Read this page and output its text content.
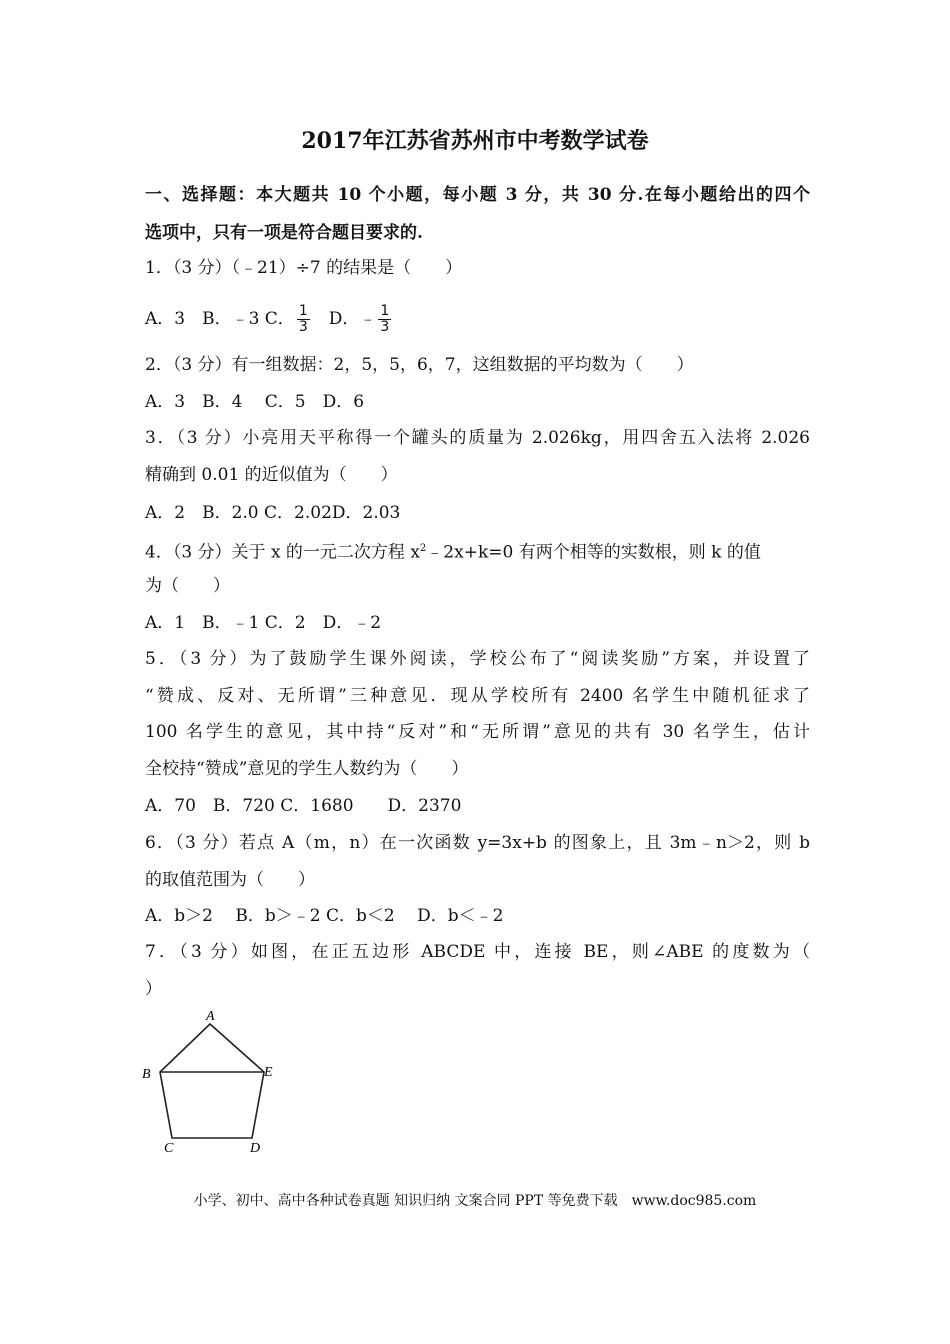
2017年江苏省苏州市中考数学试卷
一、选择题：本大题共 10 个小题，每小题 3 分，共 30 分.在每小题给出的四个
选项中，只有一项是符合题目要求的.
1．（3 分）（﹣21）÷7 的结果是（　　）
A．3　B．﹣3 C． $\frac{1}{3}$ 　D．﹣ $\frac{1}{3}$
2．（3 分）有一组数据：2，5，5，6，7，这组数据的平均数为（　　）
A．3　B．4　 C．5　D．6
3．（3 分）小亮用天平称得一个罐头的质量为 2.026kg，用四舍五入法将 2.026
精确到 0.01 的近似值为（　　）
A．2　B．2.0 C．2.02D．2.03
4．（3 分）关于 x 的一元二次方程 $x^2﹣2x+k=0$ 有两个相等的实数根，则 k 的值
为（　　）
A．1　B．﹣1 C．2　D．﹣2
5．（3 分）为了鼓励学生课外阅读，学校公布了“阅读奖励”方案，并设置了
“赞成、反对、无所谓”三种意见．现从学校所有 2400 名学生中随机征求了
100 名学生的意见，其中持“反对”和“无所谓”意见的共有 30 名学生，估计
全校持“赞成”意见的学生人数约为（　　）
A．70　B．720 C．1680　　D．2370
6．（3 分）若点 A（m，n）在一次函数 y=3x+b 的图象上，且 3m﹣n＞2，则 b
的取值范围为（　　）
A．b＞2　 B．b＞﹣2 C．b＜2　 D．b＜﹣2
7．（3 分）如图，在正五边形 ABCDE 中，连接 BE，则∠ABE 的度数为（
）
A
B
C	D
E
小学、初中、高中各种试卷真题 知识归纳 文案合同 PPT 等免费下载　www.doc985.com
